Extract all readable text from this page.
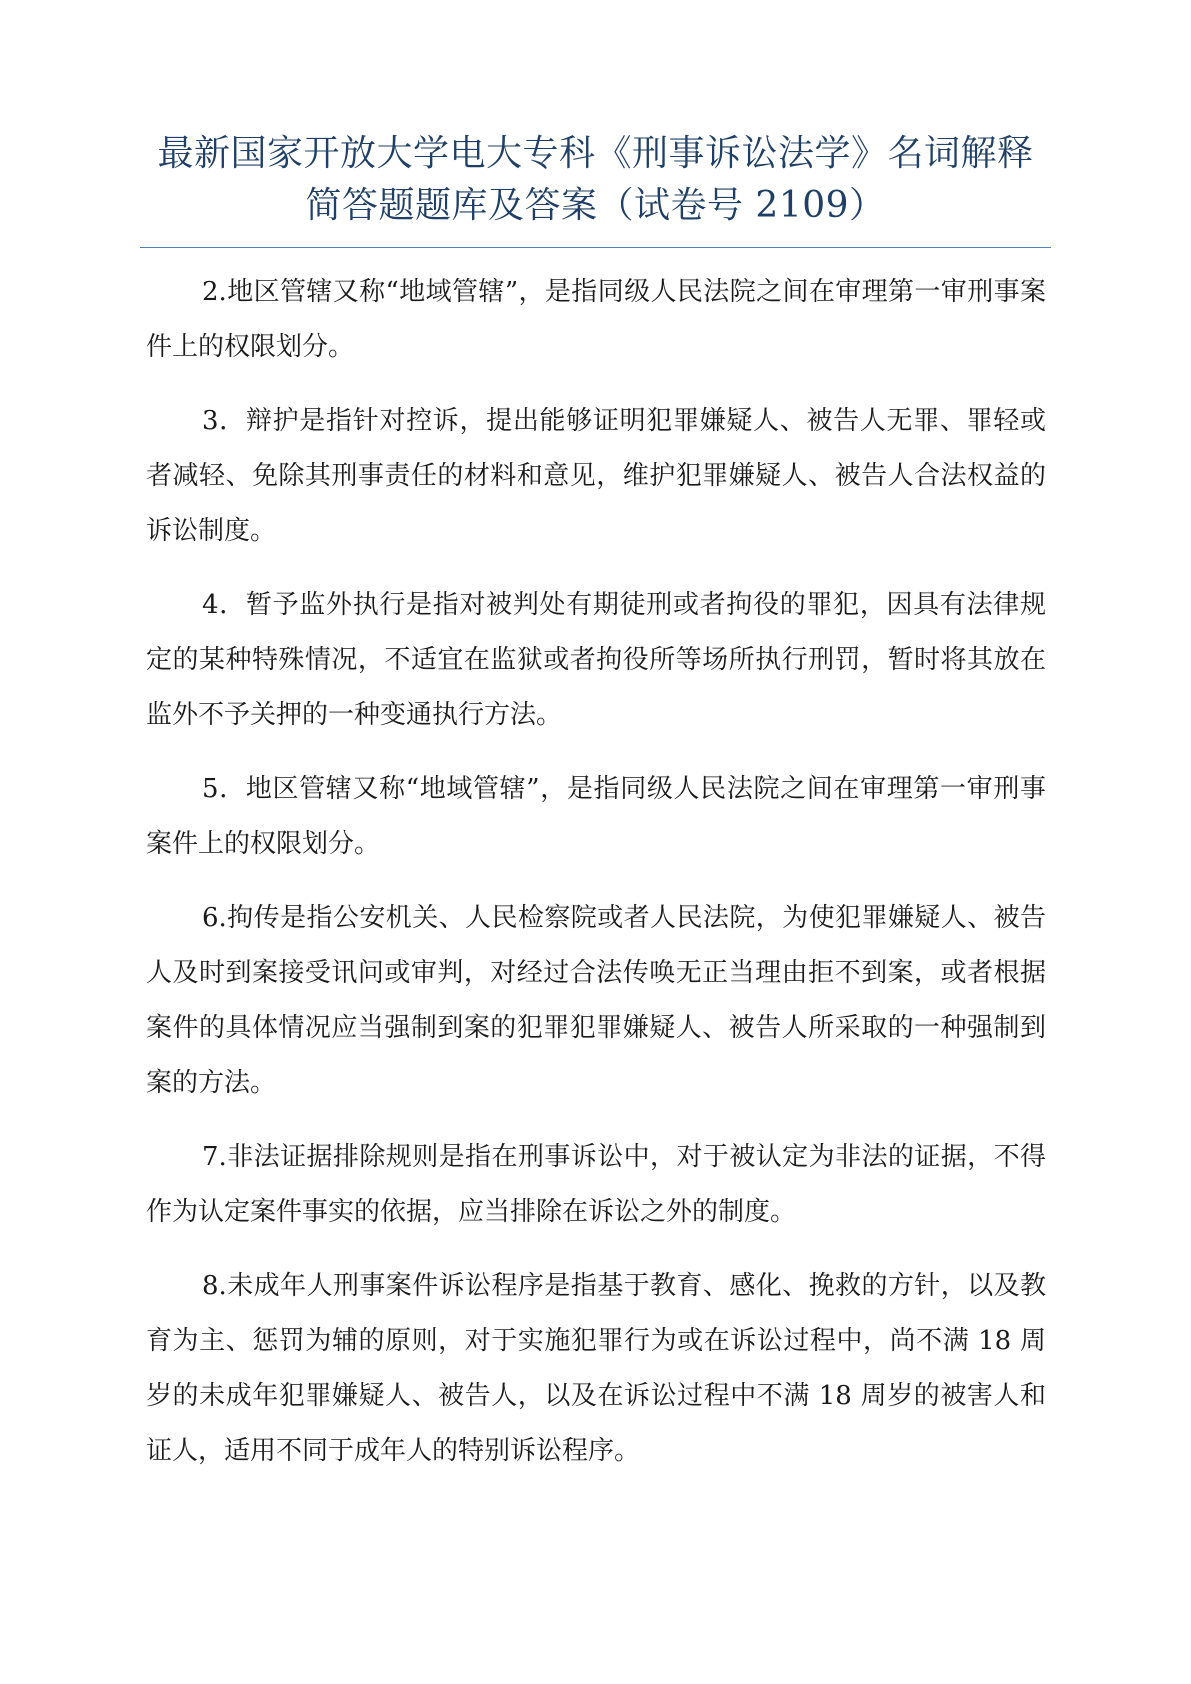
最新国家开放大学电大专科《刑事诉讼法学》名词解释
简答题题库及答案（试卷号 2109）

2.地区管辖又称“地域管辖”，是指同级人民法院之间在审理第一审刑事案件上的权限划分。

3．辩护是指针对控诉，提出能够证明犯罪嫌疑人、被告人无罪、罪轻或者减轻、免除其刑事责任的材料和意见，维护犯罪嫌疑人、被告人合法权益的诉讼制度。

4．暂予监外执行是指对被判处有期徒刑或者拘役的罪犯，因具有法律规定的某种特殊情况，不适宜在监狱或者拘役所等场所执行刑罚，暂时将其放在监外不予关押的一种变通执行方法。

5．地区管辖又称“地域管辖”，是指同级人民法院之间在审理第一审刑事案件上的权限划分。

6.拘传是指公安机关、人民检察院或者人民法院，为使犯罪嫌疑人、被告人及时到案接受讯问或审判，对经过合法传唤无正当理由拒不到案，或者根据案件的具体情况应当强制到案的犯罪犯罪嫌疑人、被告人所采取的一种强制到案的方法。

7.非法证据排除规则是指在刑事诉讼中，对于被认定为非法的证据，不得作为认定案件事实的依据，应当排除在诉讼之外的制度。

8.未成年人刑事案件诉讼程序是指基于教育、感化、挽救的方针，以及教育为主、惩罚为辅的原则，对于实施犯罪行为或在诉讼过程中，尚不满 18 周岁的未成年犯罪嫌疑人、被告人，以及在诉讼过程中不满 18 周岁的被害人和证人，适用不同于成年人的特别诉讼程序。
